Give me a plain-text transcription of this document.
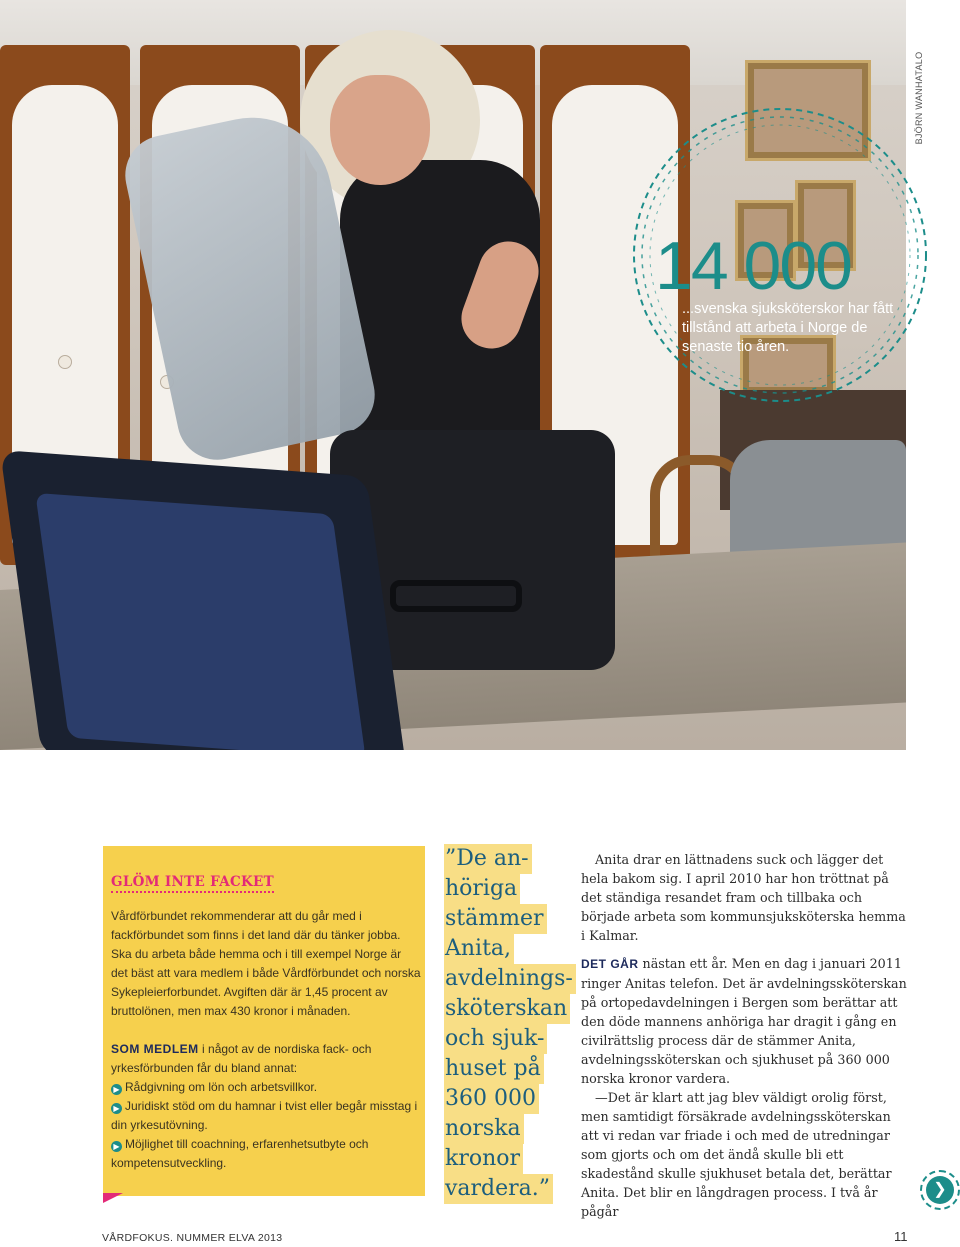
14 000
...svenska sjuksköterskor har fått tillstånd att arbeta i Norge de senaste tio åren.
BJÖRN WANHATALO
GLÖM INTE FACKET

Vårdförbundet rekommenderar att du går med i fackförbundet som finns i det land där du tänker jobba. Ska du arbeta både hemma och i till exempel Norge är det bäst att vara medlem i både Vårdförbundet och norska Sykepleierforbundet. Avgiften där är 1,45 procent av bruttolönen, men max 430 kronor i månaden.

SOM MEDLEM i något av de nordiska fack- och yrkesförbunden får du bland annat:

▶ Rådgivning om lön och arbetsvillkor.
▶ Juridiskt stöd om du hamnar i tvist eller begår misstag i din yrkesutövning.
▶ Möjlighet till coachning, erfarenhetsutbyte och kompetensutveckling.
”De an-
höriga
stämmer
Anita,
avdelnings-
sköterskan
och sjuk-
huset på
360 000
norska
kronor
vardera.”

Anita drar en lättnadens suck och lägger det hela bakom sig. I april 2010 har hon tröttnat på det ständiga resandet fram och tillbaka och började arbeta som kommunsjuksköterska hemma i Kalmar.

DET GÅR nästan ett år. Men en dag i januari 2011 ringer Anitas telefon. Det är avdelningssköterskan på ortopedavdelningen i Bergen som berättar att den döde mannens anhöriga har dragit i gång en civilrättslig process där de stämmer Anita, avdelningssköterskan och sjukhuset på 360 000 norska kronor vardera.

—Det är klart att jag blev väldigt orolig först, men samtidigt försäkrade avdelningssköterskan att vi redan var friade i och med de utredningar som gjorts och om det ändå skulle bli ett skadestånd skulle sjukhuset betala det, berättar Anita. Det blir en långdragen process. I två år pågår

❯
VÅRDFOKUS. NUMMER ELVA 2013	11
